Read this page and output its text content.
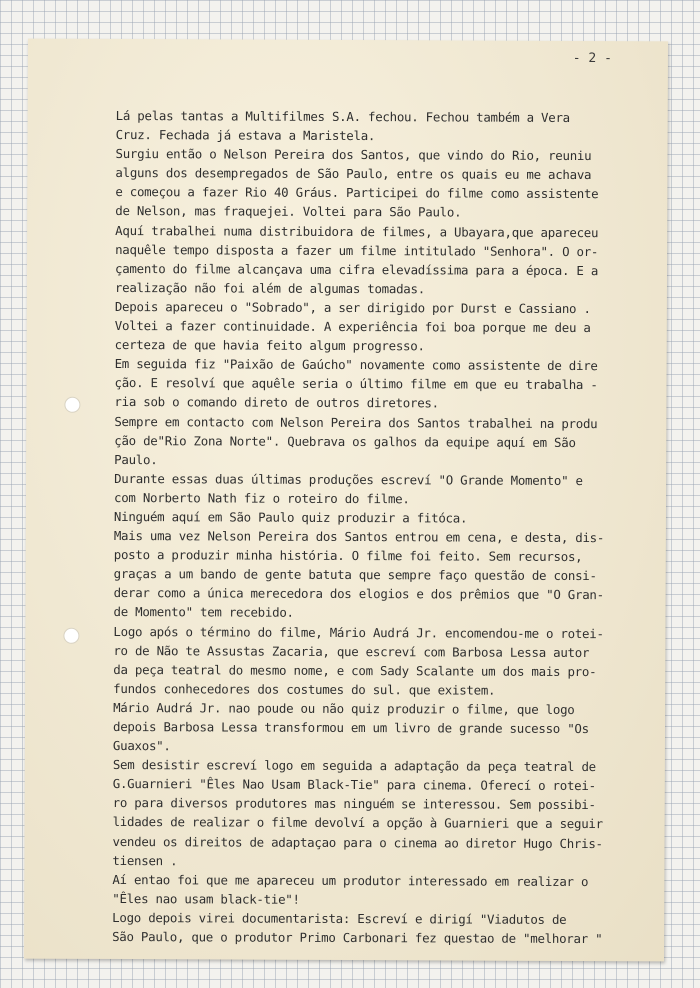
- 2 -
Lá pelas tantas a Multifilmes S.A. fechou. Fechou também a Vera
Cruz. Fechada já estava a Maristela.
Surgiu então o Nelson Pereira dos Santos, que vindo do Rio, reuniu
alguns dos desempregados de São Paulo, entre os quais eu me achava
e começou a fazer Rio 40 Gráus. Participei do filme como assistente
de Nelson, mas fraquejei. Voltei para São Paulo.
Aquí trabalhei numa distribuidora de filmes, a Ubayara,que apareceu
naquêle tempo disposta a fazer um filme intitulado "Senhora". O or-
çamento do filme alcançava uma cifra elevadíssima para a época. E a
realização não foi além de algumas tomadas.
Depois apareceu o "Sobrado", a ser dirigido por Durst e Cassiano .
Voltei a fazer continuidade. A experiência foi boa porque me deu a
certeza de que havia feito algum progresso.
Em seguida fiz "Paixão de Gaúcho" novamente como assistente de dire
ção. E resolví que aquêle seria o último filme em que eu trabalha -
ria sob o comando direto de outros diretores.
Sempre em contacto com Nelson Pereira dos Santos trabalhei na produ
ção de"Rio Zona Norte". Quebrava os galhos da equipe aquí em São
Paulo.
Durante essas duas últimas produções escreví "O Grande Momento" e
com Norberto Nath fiz o roteiro do filme.
Ninguém aquí em São Paulo quiz produzir a fitóca.
Mais uma vez Nelson Pereira dos Santos entrou em cena, e desta, dis-
posto a produzir minha história. O filme foi feito. Sem recursos,
graças a um bando de gente batuta que sempre faço questão de consi-
derar como a única merecedora dos elogios e dos prêmios que "O Gran-
de Momento" tem recebido.
Logo após o término do filme, Mário Audrá Jr. encomendou-me o rotei-
ro de Não te Assustas Zacaria, que escreví com Barbosa Lessa autor
da peça teatral do mesmo nome, e com Sady Scalante um dos mais pro-
fundos conhecedores dos costumes do sul. que existem.
Mário Audrá Jr. nao poude ou não quiz produzir o filme, que logo
depois Barbosa Lessa transformou em um livro de grande sucesso "Os
Guaxos".
Sem desistir escreví logo em seguida a adaptação da peça teatral de
G.Guarnieri "Êles Nao Usam Black-Tie" para cinema. Oferecí o rotei-
ro para diversos produtores mas ninguém se interessou. Sem possibi-
lidades de realizar o filme devolví a opção à Guarnieri que a seguir
vendeu os direitos de adaptaçao para o cinema ao diretor Hugo Chris-
tiensen .
Aí entao foi que me apareceu um produtor interessado em realizar o
"Êles nao usam black-tie"!
Logo depois virei documentarista: Escreví e dirigí "Viadutos de
São Paulo, que o produtor Primo Carbonari fez questao de "melhorar "
